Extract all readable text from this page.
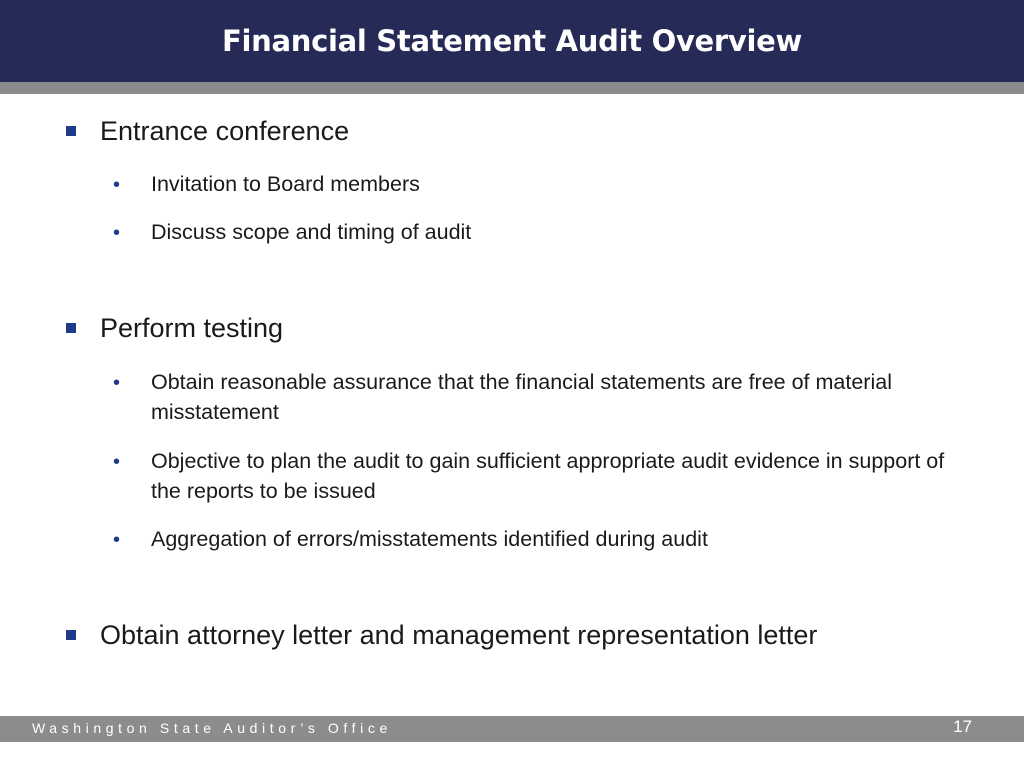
Financial Statement Audit Overview
Entrance conference
• Invitation to Board members
• Discuss scope and timing of audit
Perform testing
• Obtain reasonable assurance that the financial statements are free of material misstatement
• Objective to plan the audit to gain sufficient appropriate audit evidence in support of the reports to be issued
• Aggregation of errors/misstatements identified during audit
Obtain attorney letter and management representation letter
Washington State Auditor’s Office	17
